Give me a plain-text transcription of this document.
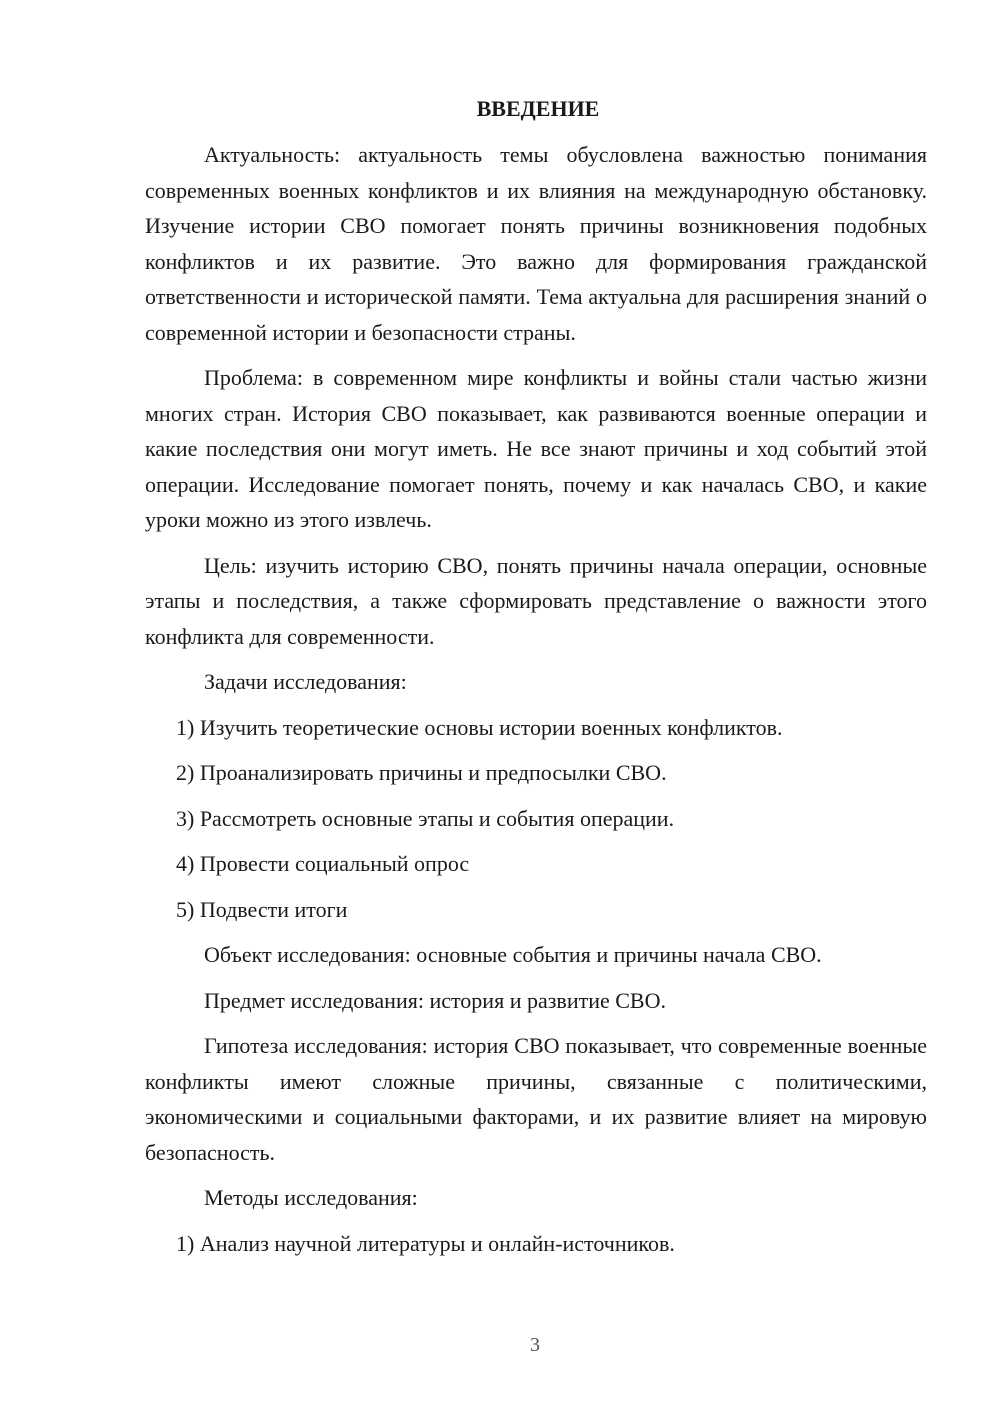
ВВЕДЕНИЕ

Актуальность: актуальность темы обусловлена важностью понимания современных военных конфликтов и их влияния на международную обстановку. Изучение истории СВО помогает понять причины возникновения подобных конфликтов и их развитие. Это важно для формирования гражданской ответственности и исторической памяти. Тема актуальна для расширения знаний о современной истории и безопасности страны.

Проблема: в современном мире конфликты и войны стали частью жизни многих стран. История СВО показывает, как развиваются военные операции и какие последствия они могут иметь. Не все знают причины и ход событий этой операции. Исследование помогает понять, почему и как началась СВО, и какие уроки можно из этого извлечь.

Цель: изучить историю СВО, понять причины начала операции, основные этапы и последствия, а также сформировать представление о важности этого конфликта для современности.

Задачи исследования:

1) Изучить теоретические основы истории военных конфликтов.

2) Проанализировать причины и предпосылки СВО.

3) Рассмотреть основные этапы и события операции.

4) Провести социальный опрос

5) Подвести итоги

Объект исследования: основные события и причины начала СВО.

Предмет исследования: история и развитие СВО.

Гипотеза исследования: история СВО показывает, что современные военные конфликты имеют сложные причины, связанные с политическими, экономическими и социальными факторами, и их развитие влияет на мировую безопасность.

Методы исследования:

1) Анализ научной литературы и онлайн-источников.

3
